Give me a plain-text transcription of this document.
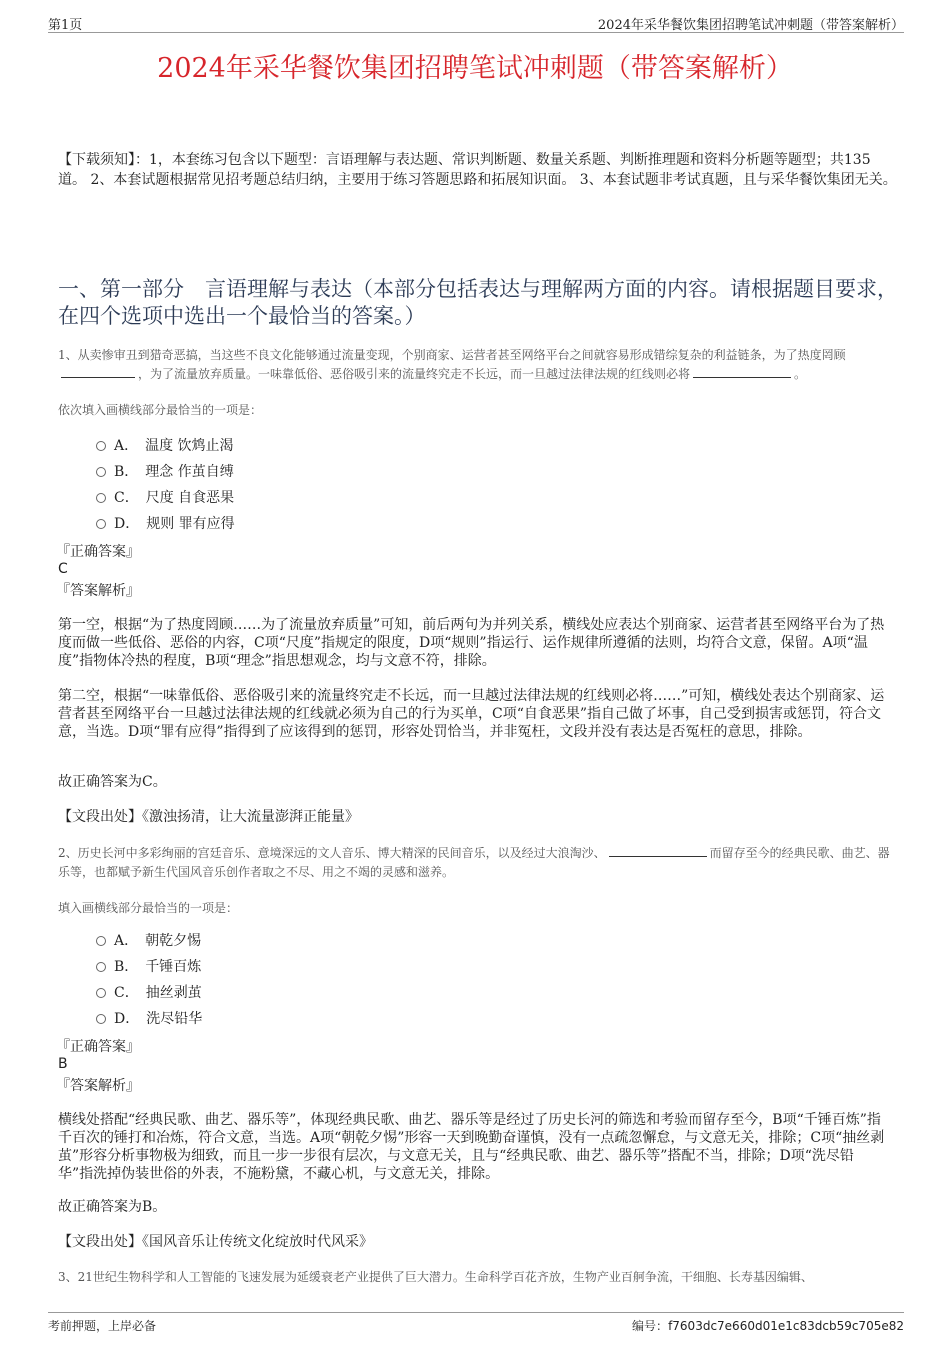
第1页	2024年采华餐饮集团招聘笔试冲刺题（带答案解析）
2024年采华餐饮集团招聘笔试冲刺题（带答案解析）
【下载须知】：1，本套练习包含以下题型：言语理解与表达题、常识判断题、数量关系题、判断推理题和资料分析题等题型；共135道。 2、本套试题根据常见招考题总结归纳，主要用于练习答题思路和拓展知识面。 3、本套试题非考试真题，且与采华餐饮集团无关。
一、第一部分　言语理解与表达（本部分包括表达与理解两方面的内容。请根据题目要求，在四个选项中选出一个最恰当的答案。）
1、从卖惨审丑到猎奇恶搞，当这些不良文化能够通过流量变现，个别商家、运营者甚至网络平台之间就容易形成错综复杂的利益链条，为了热度罔顾，为了流量放弃质量。一味靠低俗、恶俗吸引来的流量终究走不长远，而一旦越过法律法规的红线则必将	。
依次填入画横线部分最恰当的一项是：
A．　温度 饮鸩止渴
B．　理念 作茧自缚
C．　尺度 自食恶果
D．　规则 罪有应得
『正确答案』
C
『答案解析』
第一空，根据“为了热度罔顾……为了流量放弃质量”可知，前后两句为并列关系，横线处应表达个别商家、运营者甚至网络平台为了热度而做一些低俗、恶俗的内容，C项“尺度”指规定的限度，D项“规则”指运行、运作规律所遵循的法则，均符合文意，保留。A项“温度”指物体冷热的程度，B项“理念”指思想观念，均与文意不符，排除。
第二空，根据“一味靠低俗、恶俗吸引来的流量终究走不长远，而一旦越过法律法规的红线则必将……”可知，横线处表达个别商家、运营者甚至网络平台一旦越过法律法规的红线就必须为自己的行为买单，C项“自食恶果”指自己做了坏事，自己受到损害或惩罚，符合文意，当选。D项“罪有应得”指得到了应该得到的惩罚，形容处罚恰当，并非冤枉，文段并没有表达是否冤枉的意思，排除。
故正确答案为C。
【文段出处】《激浊扬清，让大流量澎湃正能量》
2、历史长河中多彩绚丽的宫廷音乐、意境深远的文人音乐、博大精深的民间音乐，以及经过大浪淘沙、	而留存至今的经典民歌、曲艺、器乐等，也都赋予新生代国风音乐创作者取之不尽、用之不竭的灵感和滋养。
填入画横线部分最恰当的一项是：
A．　朝乾夕惕
B．　千锤百炼
C．　抽丝剥茧
D．　洗尽铅华
『正确答案』
B
『答案解析』
横线处搭配“经典民歌、曲艺、器乐等”，体现经典民歌、曲艺、器乐等是经过了历史长河的筛选和考验而留存至今，B项“千锤百炼”指千百次的锤打和冶炼，符合文意，当选。A项“朝乾夕惕”形容一天到晚勤奋谨慎，没有一点疏忽懈怠，与文意无关，排除；C项“抽丝剥茧”形容分析事物极为细致，而且一步一步很有层次，与文意无关，且与“经典民歌、曲艺、器乐等”搭配不当，排除；D项“洗尽铅华”指洗掉伪装世俗的外表，不施粉黛，不藏心机，与文意无关，排除。
故正确答案为B。
【文段出处】《国风音乐让传统文化绽放时代风采》
3、21世纪生物科学和人工智能的飞速发展为延缓衰老产业提供了巨大潜力。生命科学百花齐放，生物产业百舸争流，干细胞、长寿基因编辑、
考前押题，上岸必备	编号：f7603dc7e660d01e1c83dcb59c705e82
